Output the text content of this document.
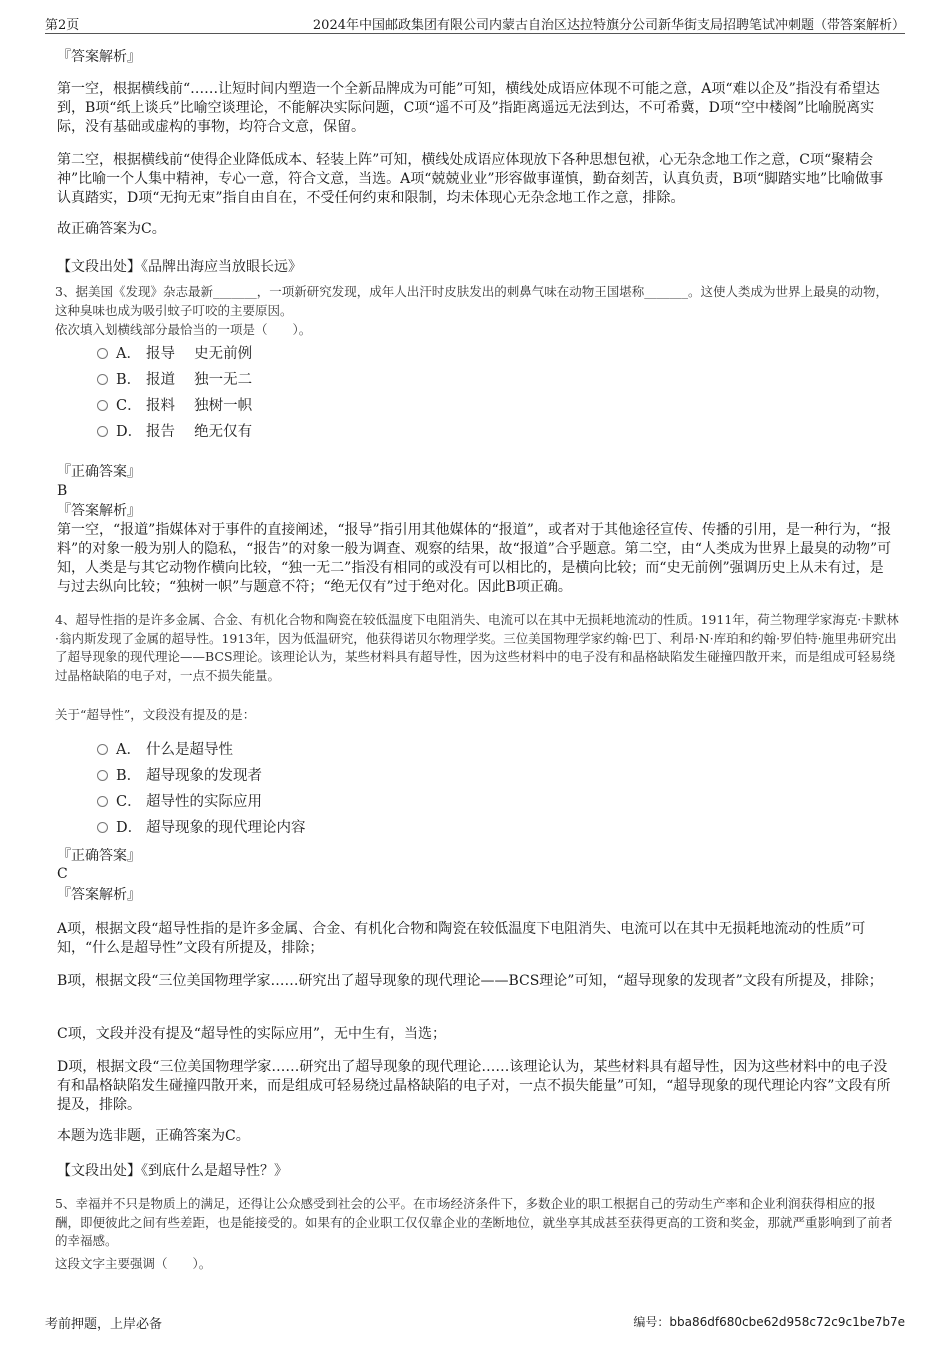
第2页	2024年中国邮政集团有限公司内蒙古自治区达拉特旗分公司新华街支局招聘笔试冲刺题（带答案解析）
『答案解析』
第一空，根据横线前“……让短时间内塑造一个全新品牌成为可能”可知，横线处成语应体现不可能之意，A项“难以企及”指没有希望达到，B项“纸上谈兵”比喻空谈理论，不能解决实际问题，C项“遥不可及”指距离遥远无法到达，不可希冀，D项“空中楼阁”比喻脱离实际，没有基础或虚构的事物，均符合文意，保留。
第二空，根据横线前“使得企业降低成本、轻装上阵”可知，横线处成语应体现放下各种思想包袱，心无杂念地工作之意，C项“聚精会神”比喻一个人集中精神，专心一意，符合文意，当选。A项“兢兢业业”形容做事谨慎，勤奋刻苦，认真负责，B项“脚踏实地”比喻做事认真踏实，D项“无拘无束”指自由自在，不受任何约束和限制，均未体现心无杂念地工作之意，排除。
故正确答案为C。
【文段出处】《品牌出海应当放眼长远》
3、据美国《发现》杂志最新_______，一项新研究发现，成年人出汗时皮肤发出的刺鼻气味在动物王国堪称_______。这使人类成为世界上最臭的动物，这种臭味也成为吸引蚊子叮咬的主要原因。
依次填入划横线部分最恰当的一项是（　　）。
A． 报导　 史无前例
B． 报道　 独一无二
C． 报料　 独树一帜
D． 报告　 绝无仅有
『正确答案』
B
『答案解析』
第一空，“报道”指媒体对于事件的直接阐述，“报导”指引用其他媒体的“报道”，或者对于其他途径宣传、传播的引用，是一种行为，“报料”的对象一般为别人的隐私，“报告”的对象一般为调查、观察的结果，故“报道”合乎题意。第二空，由“人类成为世界上最臭的动物”可知，人类是与其它动物作横向比较，“独一无二”指没有相同的或没有可以相比的，是横向比较；而“史无前例”强调历史上从未有过，是与过去纵向比较；“独树一帜”与题意不符；“绝无仅有”过于绝对化。因此B项正确。
4、超导性指的是许多金属、合金、有机化合物和陶瓷在较低温度下电阻消失、电流可以在其中无损耗地流动的性质。1911年，荷兰物理学家海克·卡默林·翁内斯发现了金属的超导性。1913年，因为低温研究，他获得诺贝尔物理学奖。三位美国物理学家约翰·巴丁、利昂·N·库珀和约翰·罗伯特·施里弗研究出了超导现象的现代理论——BCS理论。该理论认为，某些材料具有超导性，因为这些材料中的电子没有和晶格缺陷发生碰撞四散开来，而是组成可轻易绕过晶格缺陷的电子对，一点不损失能量。
关于“超导性”，文段没有提及的是：
A． 什么是超导性
B． 超导现象的发现者
C． 超导性的实际应用
D． 超导现象的现代理论内容
『正确答案』
C
『答案解析』
A项，根据文段“超导性指的是许多金属、合金、有机化合物和陶瓷在较低温度下电阻消失、电流可以在其中无损耗地流动的性质”可知，“什么是超导性”文段有所提及，排除；
B项，根据文段“三位美国物理学家……研究出了超导现象的现代理论——BCS理论”可知，“超导现象的发现者”文段有所提及，排除；
C项，文段并没有提及“超导性的实际应用”，无中生有，当选；
D项，根据文段“三位美国物理学家……研究出了超导现象的现代理论……该理论认为，某些材料具有超导性，因为这些材料中的电子没有和晶格缺陷发生碰撞四散开来，而是组成可轻易绕过晶格缺陷的电子对，一点不损失能量”可知，“超导现象的现代理论内容”文段有所提及，排除。
本题为选非题，正确答案为C。
【文段出处】《到底什么是超导性？》
5、幸福并不只是物质上的满足，还得让公众感受到社会的公平。在市场经济条件下，多数企业的职工根据自己的劳动生产率和企业利润获得相应的报酬，即便彼此之间有些差距，也是能接受的。如果有的企业职工仅仅靠企业的垄断地位，就坐享其成甚至获得更高的工资和奖金，那就严重影响到了前者的幸福感。
这段文字主要强调（　　）。
考前押题，上岸必备	编号：bba86df680cbe62d958c72c9c1be7b7e
